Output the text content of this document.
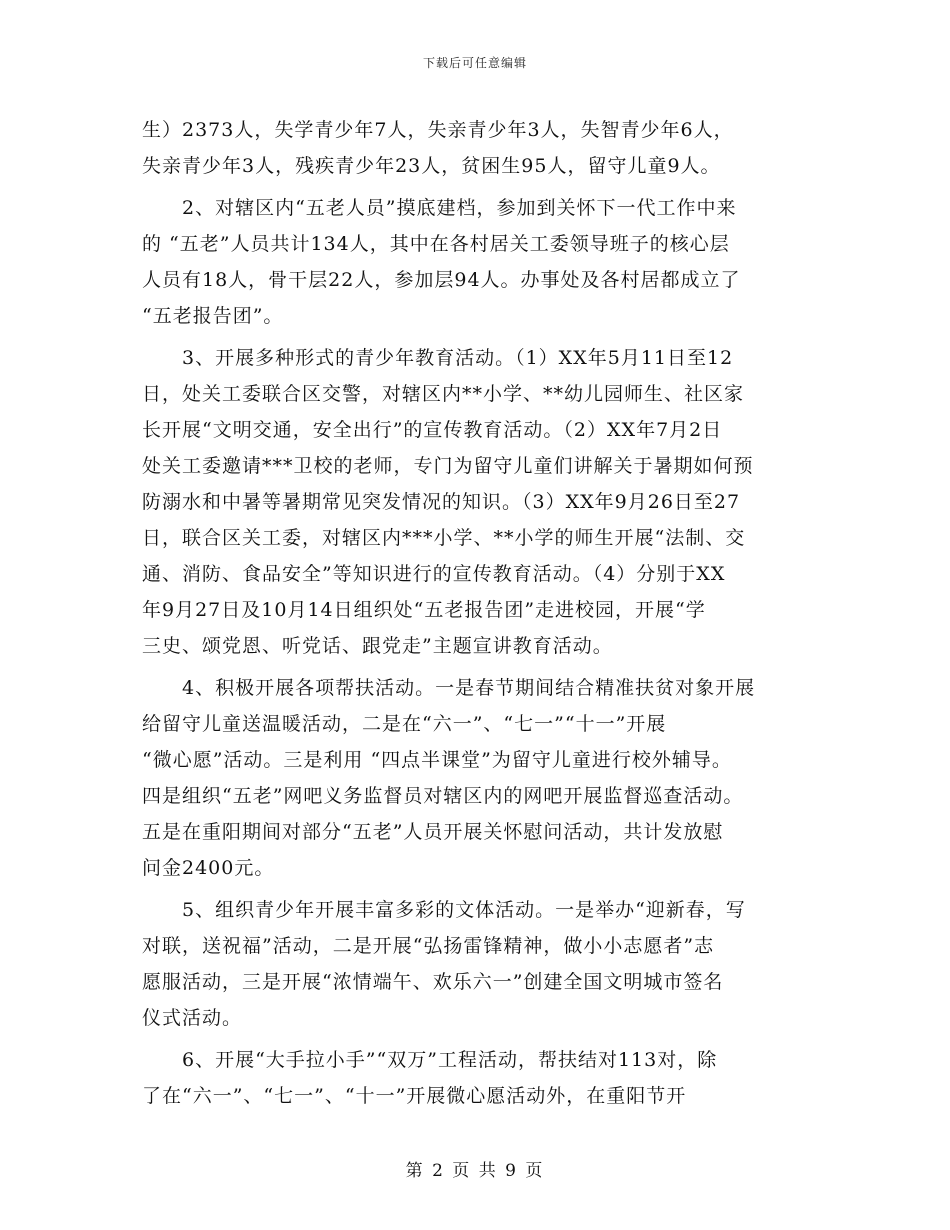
下载后可任意编辑
生）2373人，失学青少年7人，失亲青少年3人，失智青少年6人，
失亲青少年3人，残疾青少年23人，贫困生95人，留守儿童9人。
　　2、对辖区内“五老人员”摸底建档，参加到关怀下一代工作中来
的 “五老”人员共计134人，其中在各村居关工委领导班子的核心层
人员有18人，骨干层22人，参加层94人。办事处及各村居都成立了
“五老报告团”。
　　3、开展多种形式的青少年教育活动。（1）XX年5月11日至12
日，处关工委联合区交警，对辖区内**小学、**幼儿园师生、社区家
长开展“文明交通，安全出行”的宣传教育活动。（2）XX年7月2日
处关工委邀请***卫校的老师，专门为留守儿童们讲解关于暑期如何预
防溺水和中暑等暑期常见突发情况的知识。（3）XX年9月26日至27
日，联合区关工委，对辖区内***小学、**小学的师生开展“法制、交
通、消防、食品安全”等知识进行的宣传教育活动。（4）分别于XX
年9月27日及10月14日组织处“五老报告团”走进校园，开展“学
三史、颂党恩、听党话、跟党走”主题宣讲教育活动。
　　4、积极开展各项帮扶活动。一是春节期间结合精准扶贫对象开展
给留守儿童送温暖活动，二是在“六一”、“七一”“十一”开展
“微心愿”活动。三是利用 “四点半课堂”为留守儿童进行校外辅导。
四是组织“五老”网吧义务监督员对辖区内的网吧开展监督巡查活动。
五是在重阳期间对部分“五老”人员开展关怀慰问活动，共计发放慰
问金2400元。
　　5、组织青少年开展丰富多彩的文体活动。一是举办“迎新春，写
对联，送祝福”活动，二是开展“弘扬雷锋精神，做小小志愿者”志
愿服活动，三是开展“浓情端午、欢乐六一”创建全国文明城市签名
仪式活动。
　　6、开展“大手拉小手”“双万”工程活动，帮扶结对113对，除
了在“六一”、“七一”、“十一”开展微心愿活动外，在重阳节开
第 2 页 共 9 页
